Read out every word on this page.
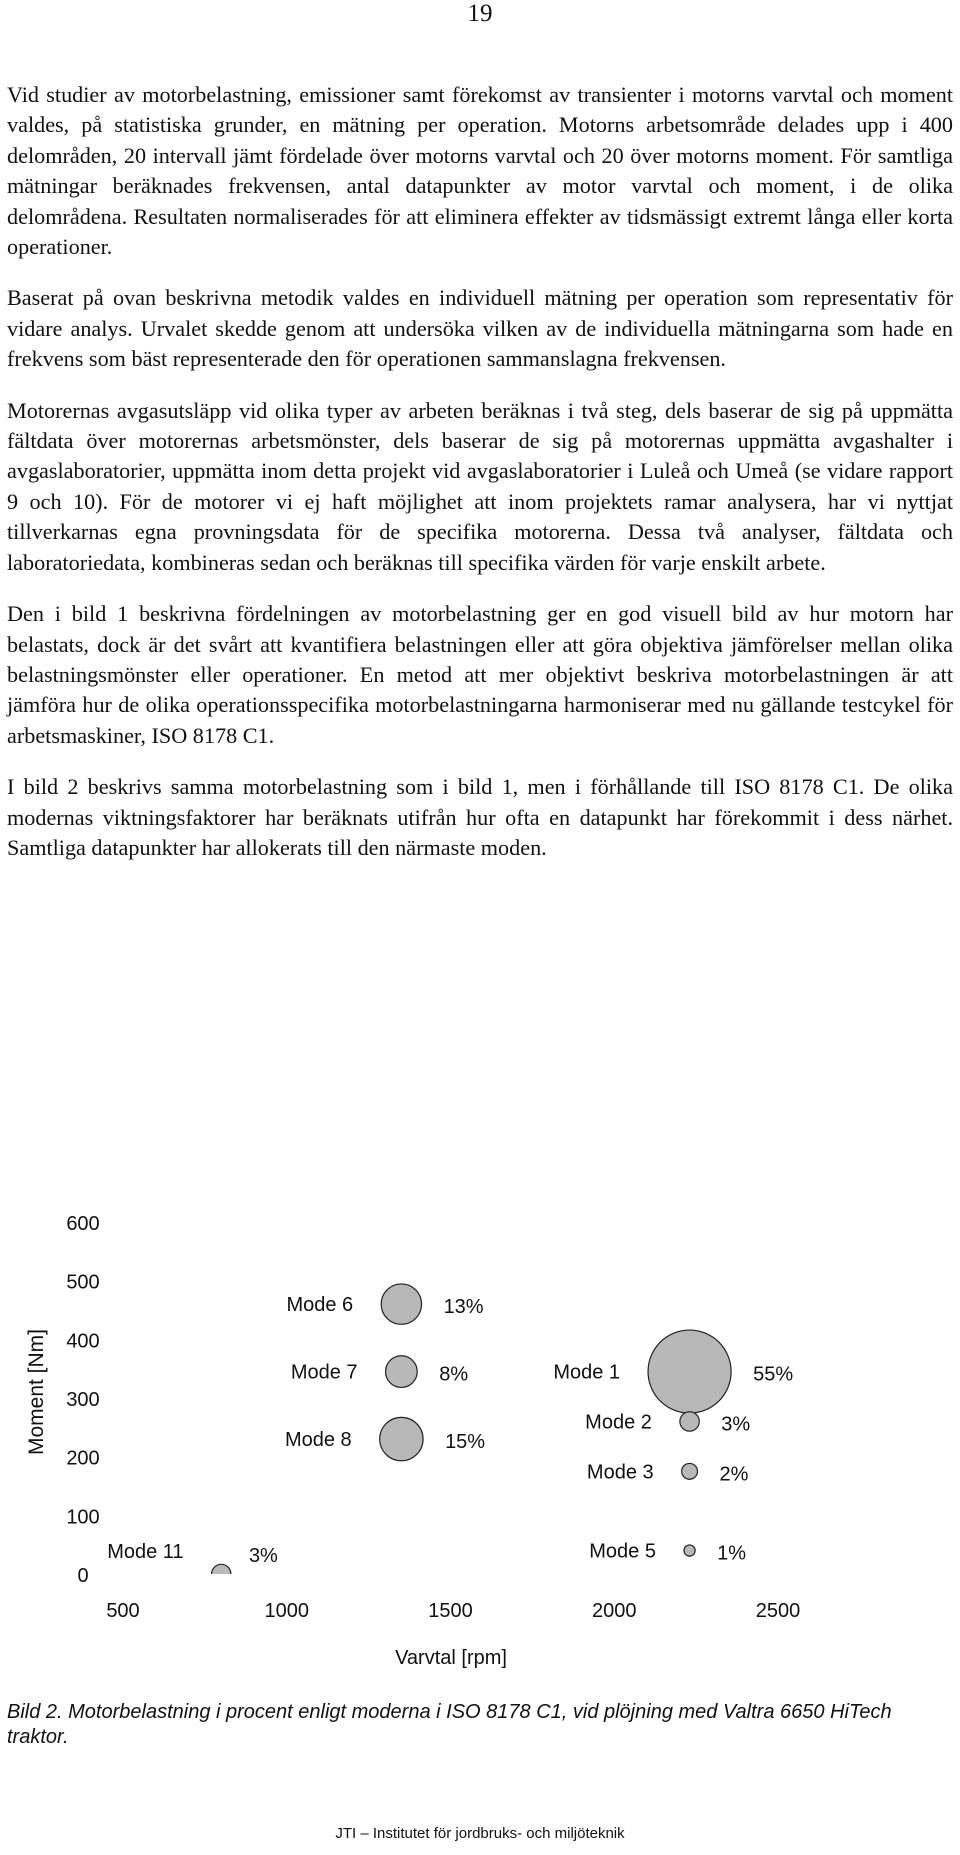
19

Vid studier av motorbelastning, emissioner samt förekomst av transienter i motorns varvtal och moment valdes, på statistiska grunder, en mätning per operation. Motorns arbetsområde delades upp i 400 delområden, 20 intervall jämt fördelade över motorns varvtal och 20 över motorns moment. För samtliga mätningar beräknades frekvensen, antal datapunkter av motor varvtal och moment, i de olika delområdena. Resultaten normaliserades för att eliminera effekter av tidsmässigt extremt långa eller korta operationer.

Baserat på ovan beskrivna metodik valdes en individuell mätning per operation som representativ för vidare analys. Urvalet skedde genom att undersöka vilken av de individuella mätningarna som hade en frekvens som bäst representerade den för operationen sammanslagna frekvensen.

Motorernas avgasutsläpp vid olika typer av arbeten beräknas i två steg, dels baserar de sig på uppmätta fältdata över motorernas arbetsmönster, dels baserar de sig på motorernas uppmätta avgashalter i avgaslaboratorier, uppmätta inom detta projekt vid avgaslaboratorier i Luleå och Umeå (se vidare rapport 9 och 10). För de motorer vi ej haft möjlighet att inom projektets ramar analysera, har vi nyttjat tillverkarnas egna provningsdata för de specifika motorerna. Dessa två analyser, fältdata och laboratoriedata, kombineras sedan och beräknas till specifika värden för varje enskilt arbete.

Den i bild 1 beskrivna fördelningen av motorbelastning ger en god visuell bild av hur motorn har belastats, dock är det svårt att kvantifiera belastningen eller att göra objektiva jämförelser mellan olika belastningsmönster eller operationer. En metod att mer objektivt beskriva motorbelastningen är att jämföra hur de olika operationsspecifika motorbelastningarna harmoniserar med nu gällande testcykel för arbetsmaskiner, ISO 8178 C1.

I bild 2 beskrivs samma motorbelastning som i bild 1, men i förhållande till ISO 8178 C1. De olika modernas viktningsfaktorer har beräknats utifrån hur ofta en datapunkt har förekommit i dess närhet. Samtliga datapunkter har allokerats till den närmaste moden.

Moment [Nm]
Varvtal [rpm]
0
100
200
300
400
500
600
500	1000	1500	2000	2500
Mode 6	13%
Mode 7	8%
Mode 8	15%
Mode 1	55%
Mode 2	3%
Mode 3	2%
Mode 5	1%
Mode 11	3%

Bild 2. Motorbelastning i procent enligt moderna i ISO 8178 C1, vid plöjning med Valtra 6650 HiTech traktor.

JTI – Institutet för jordbruks- och miljöteknik
